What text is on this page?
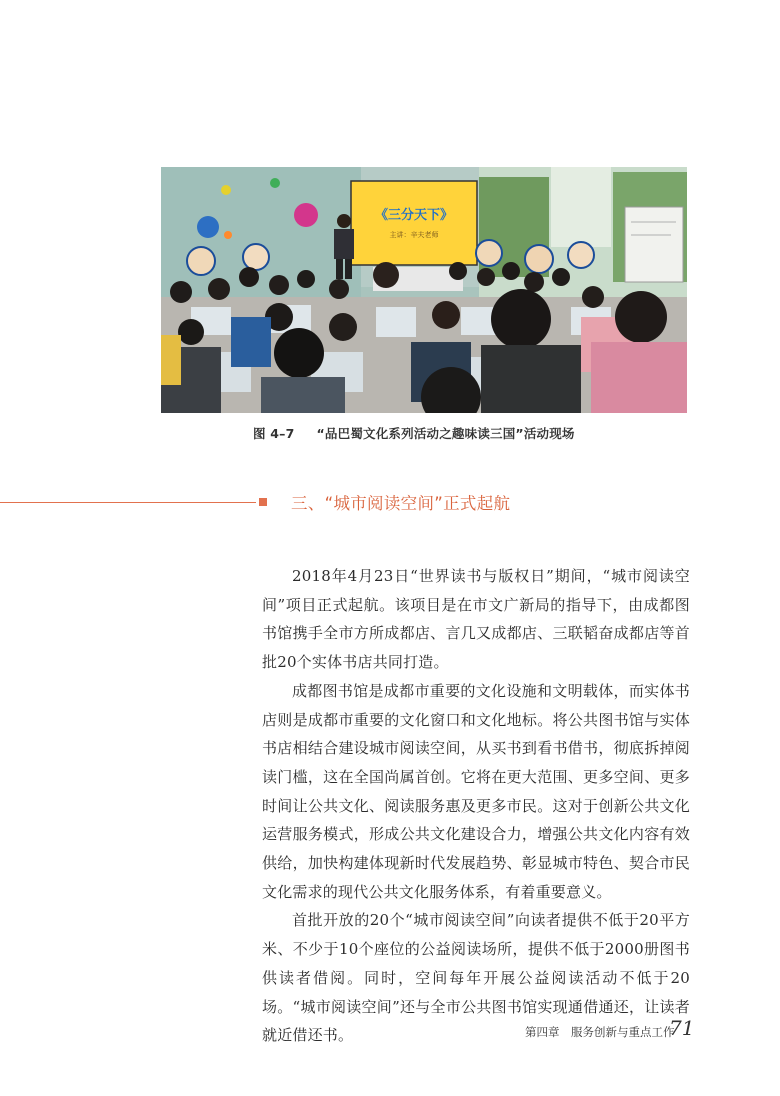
《三分天下》
主讲：辛夫老师
图 4–7 “品巴蜀文化系列活动之趣味读三国”活动现场
三、“城市阅读空间”正式起航

2018年4月23日“世界读书与版权日”期间，“城市阅读空间”项目正式起航。该项目是在市文广新局的指导下，由成都图书馆携手全市方所成都店、言几又成都店、三联韬奋成都店等首批20个实体书店共同打造。

成都图书馆是成都市重要的文化设施和文明载体，而实体书店则是成都市重要的文化窗口和文化地标。将公共图书馆与实体书店相结合建设城市阅读空间，从买书到看书借书，彻底拆掉阅读门槛，这在全国尚属首创。它将在更大范围、更多空间、更多时间让公共文化、阅读服务惠及更多市民。这对于创新公共文化运营服务模式，形成公共文化建设合力，增强公共文化内容有效供给，加快构建体现新时代发展趋势、彰显城市特色、契合市民文化需求的现代公共文化服务体系，有着重要意义。

首批开放的20个“城市阅读空间”向读者提供不低于20平方米、不少于10个座位的公益阅读场所，提供不低于2000册图书供读者借阅。同时，空间每年开展公益阅读活动不低于20场。“城市阅读空间”还与全市公共图书馆实现通借通还，让读者就近借还书。	第四章　服务创新与重点工作
71
